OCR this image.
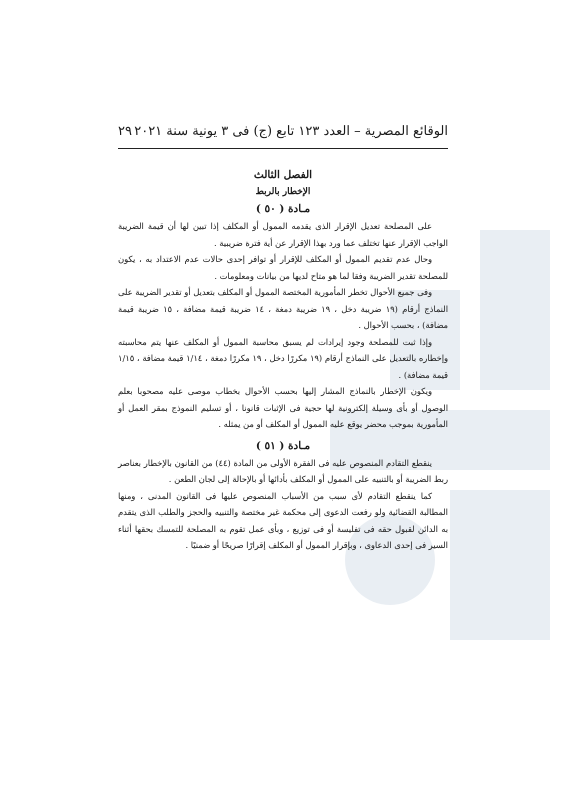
الوقائع المصرية – العدد ١٢٣ تابع (ج) فى ٣ يونية سنة ٢٠٢١
٢٩

الفصل الثالث

الإخطار بالربط

مـادة ( ٥٠ )

على المصلحة تعديل الإقرار الذى يقدمه الممول أو المكلف إذا تبين لها أن قيمة الضريبة الواجب الإقرار عنها تختلف عما ورد بهذا الإقرار عن أية فترة ضريبية .

وحال عدم تقديم الممول أو المكلف للإقرار أو توافر إحدى حالات عدم الاعتداد به ، يكون للمصلحة تقدير الضريبة وفقا لما هو متاح لديها من بيانات ومعلومات .

وفى جميع الأحوال تخطر المأمورية المختصة الممول أو المكلف بتعديل أو تقدير الضريبة على النماذج أرقام (١٩ ضريبة دخل ، ١٩ ضريبة دمغة ، ١٤ ضريبة قيمة مضافة ، ١٥ ضريبة قيمة مضافة) ، بحسب الأحوال .

وإذا ثبت للمصلحة وجود إيرادات لم يسبق محاسبة الممول أو المكلف عنها يتم محاسبته وإخطاره بالتعديل على النماذج أرقام (١٩ مكررًا دخل ، ١٩ مكررًا دمغة ، ١/١٤ قيمة مضافة ، ١/١٥ قيمة مضافة) .

ويكون الإخطار بالنماذج المشار إليها بحسب الأحوال بخطاب موصى عليه مصحوبا بعلم الوصول أو بأى وسيلة إلكترونية لها حجية فى الإثبات قانونا ، أو تسليم النموذج بمقر العمل أو المأمورية بموجب محضر يوقع عليه الممول أو المكلف أو من يمثله .

مـادة ( ٥١ )

ينقطع التقادم المنصوص عليه فى الفقرة الأولى من المادة (٤٤) من القانون بالإخطار بعناصر ربط الضريبة أو بالتنبيه على الممول أو المكلف بأدائها أو بالإحالة إلى لجان الطعن .

كما ينقطع التقادم لأى سبب من الأسباب المنصوص عليها فى القانون المدنى ، ومنها المطالبة القضائية ولو رفعت الدعوى إلى محكمة غير مختصة والتنبيه والحجز والطلب الذى يتقدم به الدائن لقبول حقه فى تفليسة أو فى توزيع ، وبأى عمل تقوم به المصلحة للتمسك بحقها أثناء السير فى إحدى الدعاوى ، وبإقرار الممول أو المكلف إقرارًا صريحًا أو ضمنيًا .
